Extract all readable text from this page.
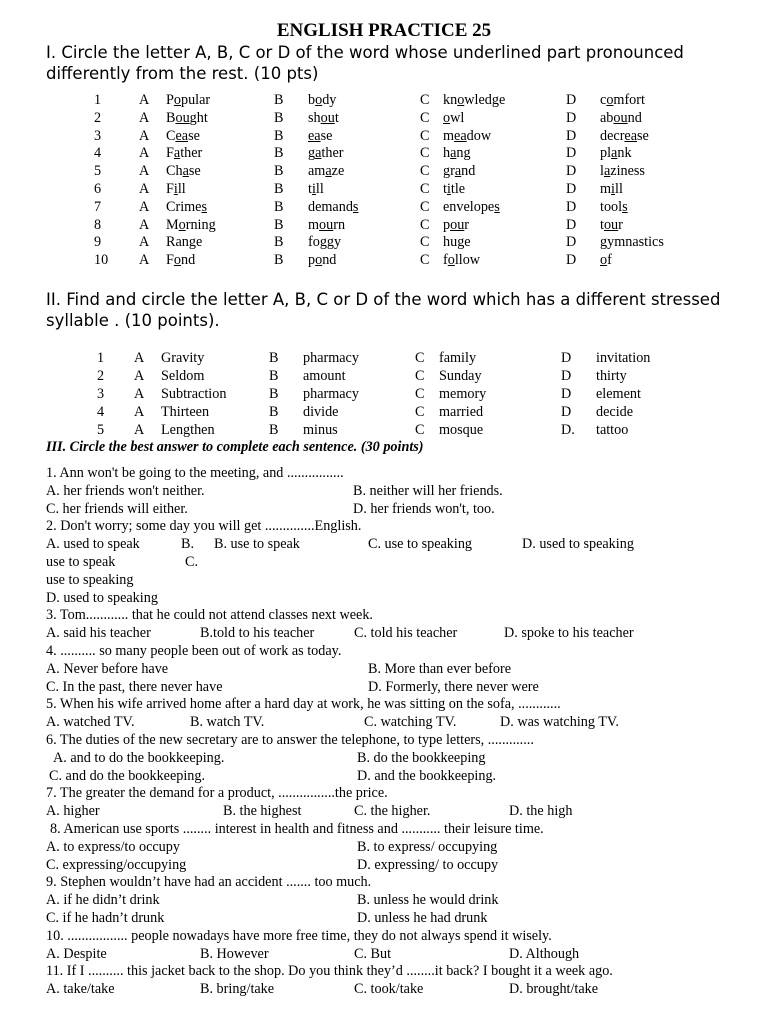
ENGLISH PRACTICE 25
I. Circle the letter A, B, C or D of the word whose underlined part pronounced differently from the rest. (10 pts)
1	A Popular	B body	C knowledge	D comfort
2	A Bought	B shout	C owl	D abound
3	A Cease	B ease	C meadow	D decrease
4	A Father	B gather	C hang	D plank
5	A Chase	B amaze	C grand	D laziness
6	A Fill	B till	C title	D mill
7	A Crimes	B demands	C envelopes	D tools
8	A Morning	B mourn	C pour	D tour
9	A Range	B foggy	C huge	D gymnastics
10 A Fond	B pond	C follow	D of
II. Find and circle the letter A, B, C or D of the word which has a different stressed syllable . (10 points).
1 A Gravity	B pharmacy	C family	D invitation
2 A Seldom	B amount	C Sunday	D thirty
3 A Subtraction	B pharmacy	C memory	D element
4 A Thirteen	B divide	C married	D decide
5 A Lengthen	B minus	C mosque	D. tattoo
III. Circle the best answer to complete each sentence. (30 points)
1. Ann won't be going to the meeting, and ................
A. her friends won't neither.	B. neither will her friends.
C. her friends will either.	D. her friends won't, too.
2. Don't worry; some day you will get ..............English.
A. used to speak	B. B. use to speak	C. use to speaking	D. used to speaking
use to speak	C.
use to speaking
D. used to speaking
3. Tom............ that he could not attend classes next week.
A. said his teacher	B.told to his teacher	C. told his teacher	D. spoke to his teacher
4. .......... so many people been out of work as today.
A. Never before have	B. More than ever before
C. In the past, there never have	D. Formerly, there never were
5. When his wife arrived home after a hard day at work, he was sitting on the sofa, ............
A. watched TV.	B. watch TV.	C. watching TV.	D. was watching TV.
6. The duties of the new secretary are to answer the telephone, to type letters, .............
A. and to do the bookkeeping.	B. do the bookkeeping
C. and do the bookkeeping.	D. and the bookkeeping.
7. The greater the demand for a product, ................the price.
A. higher	B. the highest	C. the higher.	D. the high
8. American use sports ........ interest in health and fitness and ........... their leisure time.
A. to express/to occupy	B. to express/ occupying
C. expressing/occupying	D. expressing/ to occupy
9. Stephen wouldn’t have had an accident ....... too much.
A. if he didn’t drink	B. unless he would drink
C. if he hadn’t drunk	D. unless he had drunk
10. ................. people nowadays have more free time, they do not always spend it wisely.
A. Despite	B. However	C. But	D. Although
11. If I .......... this jacket back to the shop. Do you think they’d ........it back? I bought it a week ago.
A. take/take	B. bring/take	C. took/take	D. brought/take
